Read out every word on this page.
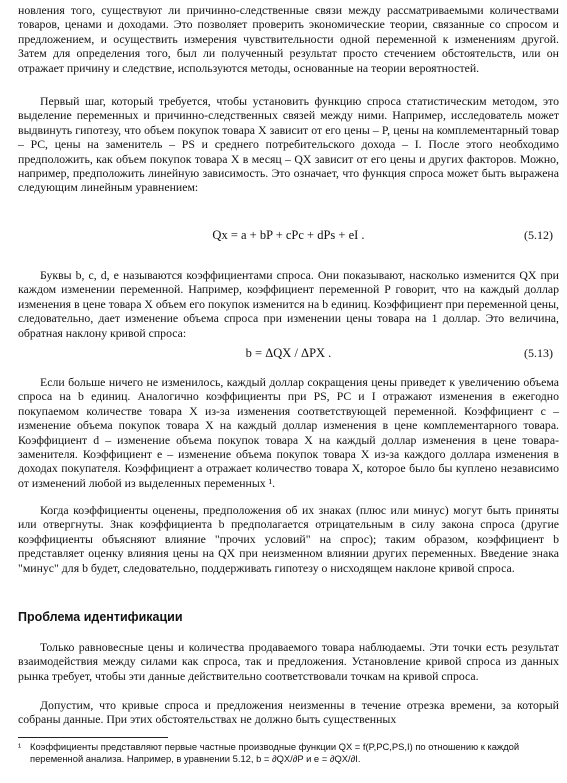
новления того, существуют ли причинно-следственные связи между рассматриваемыми количествами товаров, ценами и доходами. Это позволяет проверить экономические теории, связанные со спросом и предложением, и осуществить измерения чувствительности одной переменной к изменениям другой. Затем для определения того, был ли полученный результат просто стечением обстоятельств, или он отражает причину и следствие, используются методы, основанные на теории вероятностей.

Первый шаг, который требуется, чтобы установить функцию спроса статистическим методом, это выделение переменных и причинно-следственных связей между ними. Например, исследователь может выдвинуть гипотезу, что объем покупок товара X зависит от его цены – P, цены на комплементарный товар – PC, цены на заменитель – PS и среднего потребительского дохода – I. После этого необходимо предположить, как объем покупок товара X в месяц – QX зависит от его цены и других факторов. Можно, например, предположить линейную зависимость. Это означает, что функция спроса может быть выражена следующим линейным уравнением:

Qx = a + bP + cPc + dPs + eI .	(5.12)

Буквы b, c, d, e называются коэффициентами спроса. Они показывают, насколько изменится QX при каждом изменении переменной. Например, коэффициент переменной P говорит, что на каждый доллар изменения в цене товара X объем его покупок изменится на b единиц. Коэффициент при переменной цены, следовательно, дает изменение объема спроса при изменении цены товара на 1 доллар. Это величина, обратная наклону кривой спроса:

b = ΔQX / ΔPX .	(5.13)

Если больше ничего не изменилось, каждый доллар сокращения цены приведет к увеличению объема спроса на b единиц. Аналогично коэффициенты при PS, PC и I отражают изменения в ежегодно покупаемом количестве товара X из-за изменения соответствующей переменной. Коэффициент c – изменение объема покупок товара X на каждый доллар изменения в цене комплементарного товара. Коэффициент d – изменение объема покупок товара X на каждый доллар изменения в цене товара-заменителя. Коэффициент e – изменение объема покупок товара X из-за каждого доллара изменения в доходах покупателя. Коэффициент a отражает количество товара X, которое было бы куплено независимо от изменений любой из выделенных переменных ¹.

Когда коэффициенты оценены, предположения об их знаках (плюс или минус) могут быть приняты или отвергнуты. Знак коэффициента b предполагается отрицательным в силу закона спроса (другие коэффициенты объясняют влияние "прочих условий" на спрос); таким образом, коэффициент b представляет оценку влияния цены на QX при неизменном влиянии других переменных. Введение знака "минус" для b будет, следовательно, поддерживать гипотезу о нисходящем наклоне кривой спроса.

Проблема идентификации

Только равновесные цены и количества продаваемого товара наблюдаемы. Эти точки есть результат взаимодействия между силами как спроса, так и предложения. Установление кривой спроса из данных рынка требует, чтобы эти данные действительно соответствовали точкам на кривой спроса.

Допустим, что кривые спроса и предложения неизменны в течение отрезка времени, за который собраны данные. При этих обстоятельствах не должно быть существенных

¹ Коэффициенты представляют первые частные производные функции QX = f(P,PC,PS,I) по отношению к каждой переменной анализа. Например, в уравнении 5.12, b = ∂QX/∂P и e = ∂QX/∂I.
